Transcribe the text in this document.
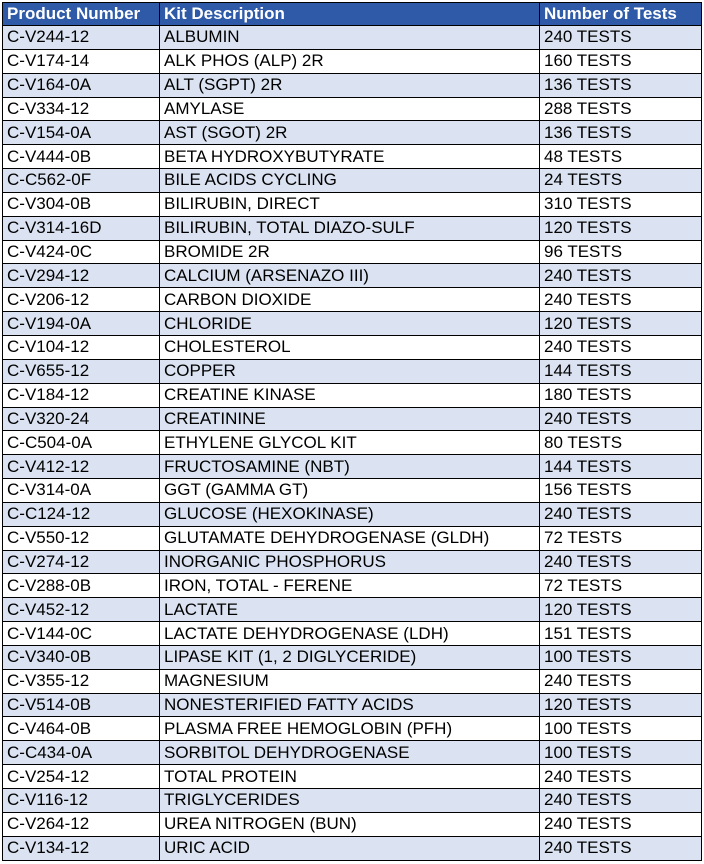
Product Number	Kit Description	Number of Tests
C-V244-12	ALBUMIN	240 TESTS
C-V174-14	ALK PHOS (ALP) 2R	160 TESTS
C-V164-0A	ALT (SGPT) 2R	136 TESTS
C-V334-12	AMYLASE	288 TESTS
C-V154-0A	AST (SGOT) 2R	136 TESTS
C-V444-0B	BETA HYDROXYBUTYRATE	48 TESTS
C-C562-0F	BILE ACIDS CYCLING	24 TESTS
C-V304-0B	BILIRUBIN, DIRECT	310 TESTS
C-V314-16D	BILIRUBIN, TOTAL DIAZO-SULF	120 TESTS
C-V424-0C	BROMIDE 2R	96 TESTS
C-V294-12	CALCIUM (ARSENAZO III)	240 TESTS
C-V206-12	CARBON DIOXIDE	240 TESTS
C-V194-0A	CHLORIDE	120 TESTS
C-V104-12	CHOLESTEROL	240 TESTS
C-V655-12	COPPER	144 TESTS
C-V184-12	CREATINE KINASE	180 TESTS
C-V320-24	CREATININE	240 TESTS
C-C504-0A	ETHYLENE GLYCOL KIT	80 TESTS
C-V412-12	FRUCTOSAMINE (NBT)	144 TESTS
C-V314-0A	GGT (GAMMA GT)	156 TESTS
C-C124-12	GLUCOSE (HEXOKINASE)	240 TESTS
C-V550-12	GLUTAMATE DEHYDROGENASE (GLDH)	72 TESTS
C-V274-12	INORGANIC PHOSPHORUS	240 TESTS
C-V288-0B	IRON, TOTAL - FERENE	72 TESTS
C-V452-12	LACTATE	120 TESTS
C-V144-0C	LACTATE DEHYDROGENASE (LDH)	151 TESTS
C-V340-0B	LIPASE KIT (1, 2 DIGLYCERIDE)	100 TESTS
C-V355-12	MAGNESIUM	240 TESTS
C-V514-0B	NONESTERIFIED FATTY ACIDS	120 TESTS
C-V464-0B	PLASMA FREE HEMOGLOBIN (PFH)	100 TESTS
C-C434-0A	SORBITOL DEHYDROGENASE	100 TESTS
C-V254-12	TOTAL PROTEIN	240 TESTS
C-V116-12	TRIGLYCERIDES	240 TESTS
C-V264-12	UREA NITROGEN (BUN)	240 TESTS
C-V134-12	URIC ACID	240 TESTS
